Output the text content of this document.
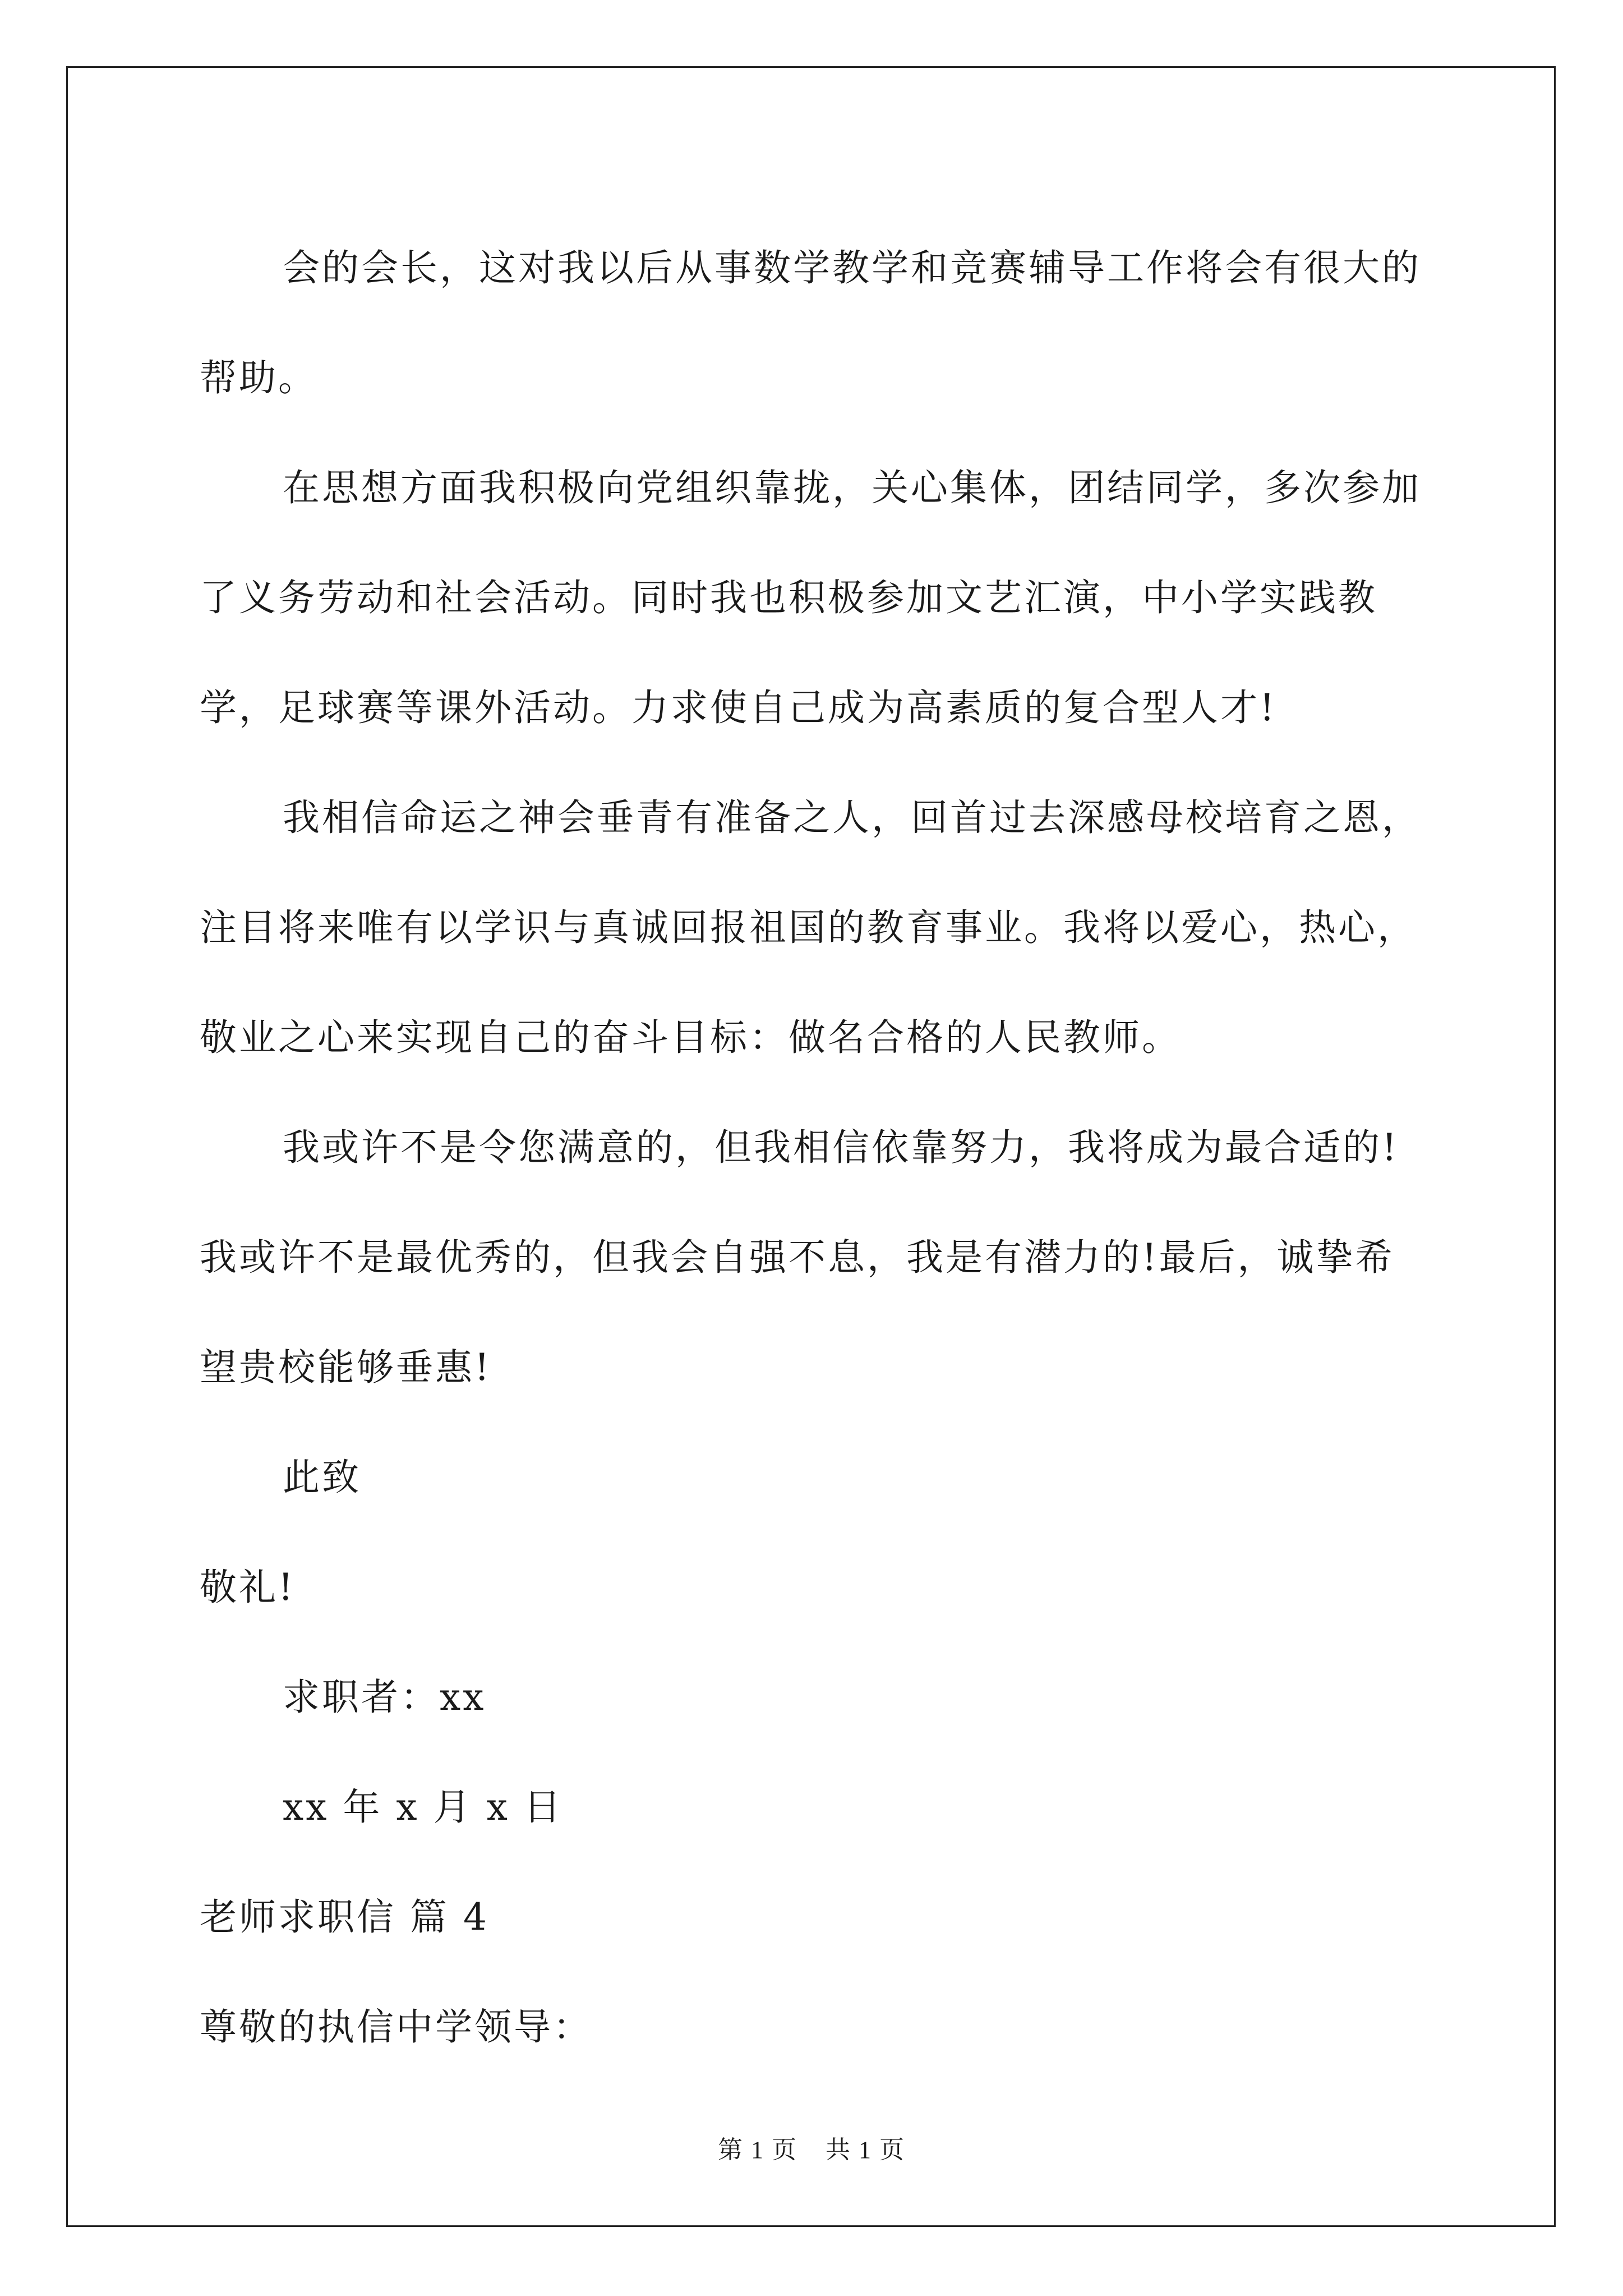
会的会长，这对我以后从事数学教学和竞赛辅导工作将会有很大的帮助。

在思想方面我积极向党组织靠拢，关心集体，团结同学，多次参加了义务劳动和社会活动。同时我也积极参加文艺汇演，中小学实践教学，足球赛等课外活动。力求使自己成为高素质的复合型人才!

我相信命运之神会垂青有准备之人，回首过去深感母校培育之恩，注目将来唯有以学识与真诚回报祖国的教育事业。我将以爱心，热心，敬业之心来实现自己的奋斗目标：做名合格的人民教师。

我或许不是令您满意的，但我相信依靠努力，我将成为最合适的!我或许不是最优秀的，但我会自强不息，我是有潜力的!最后，诚挚希望贵校能够垂惠!

此致

敬礼!

求职者：xx

xx 年 x 月 x 日

老师求职信 篇 4

尊敬的执信中学领导：

第 1 页 共 1 页
